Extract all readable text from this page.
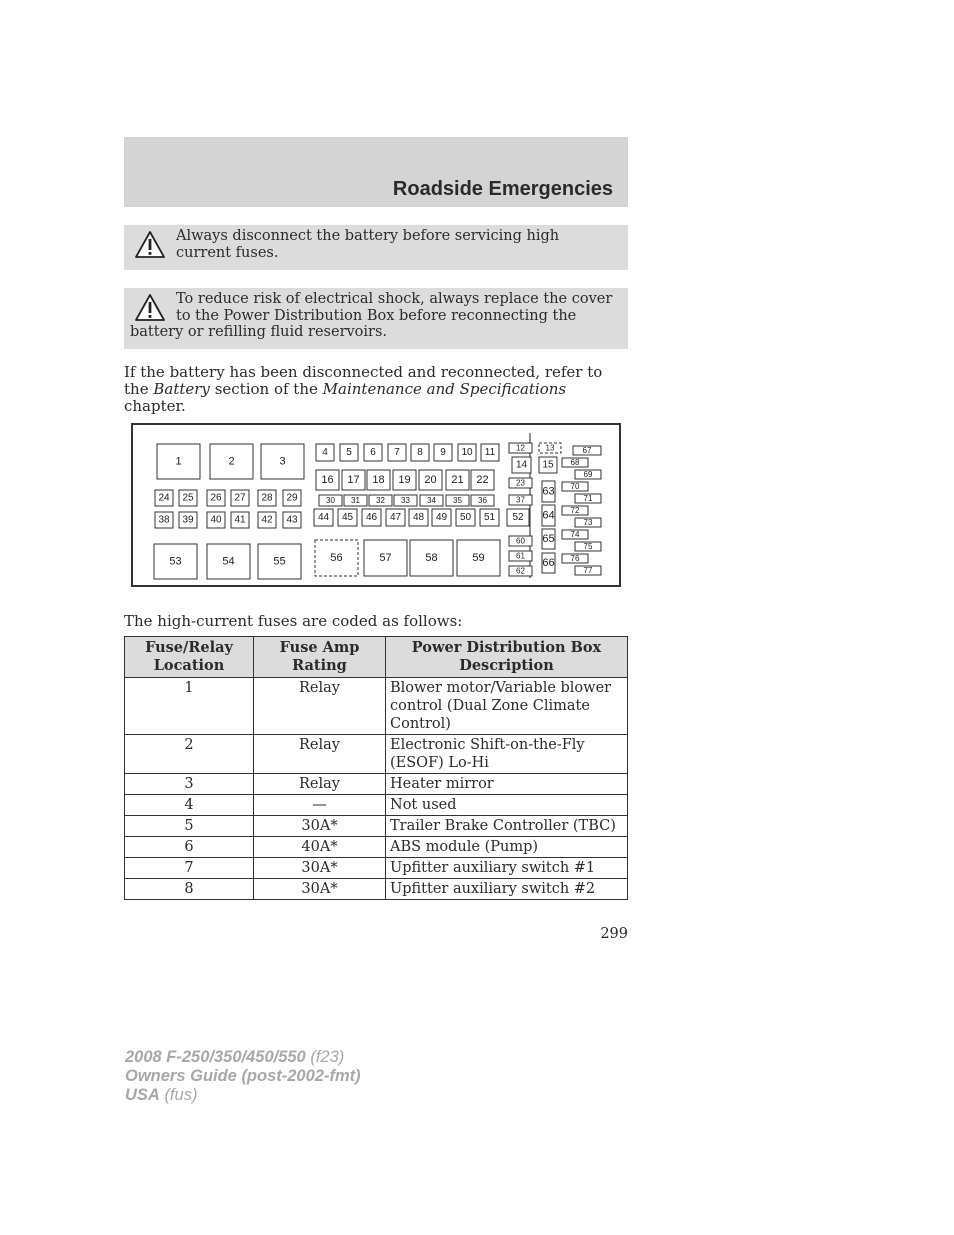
Roadside Emergencies

Always disconnect the battery before servicing high current fuses.

To reduce risk of electrical shock, always replace the cover to the Power Distribution Box before reconnecting the battery or refilling fluid reservoirs.

If the battery has been disconnected and reconnected, refer to the Battery section of the Maintenance and Specifications chapter.

1	2	3
4 5 6 7 8 9 10 11	12	13
14 15
16 17 18 19 20 21 22	23
24 25 26 27 28 29	30 31 32 33 34 35 36	37
38 39 40 41 42 43 44 45 46 47 48 49 50 51 52
53	54	55	56	57	58	59
60
61
62
63
64
65
66
67
68
69
70
71
72
73
74
75
76
77

The high-current fuses are coded as follows:

Fuse/Relay Location	Fuse Amp Rating	Power Distribution Box Description
1	Relay	Blower motor/Variable blower control (Dual Zone Climate Control)
2	Relay	Electronic Shift-on-the-Fly (ESOF) Lo-Hi
3	Relay	Heater mirror
4	—	Not used
5	30A*	Trailer Brake Controller (TBC)
6	40A*	ABS module (Pump)
7	30A*	Upfitter auxiliary switch #1
8	30A*	Upfitter auxiliary switch #2
299
2008 F-250/350/450/550 (f23)
Owners Guide (post-2002-fmt)
USA (fus)
